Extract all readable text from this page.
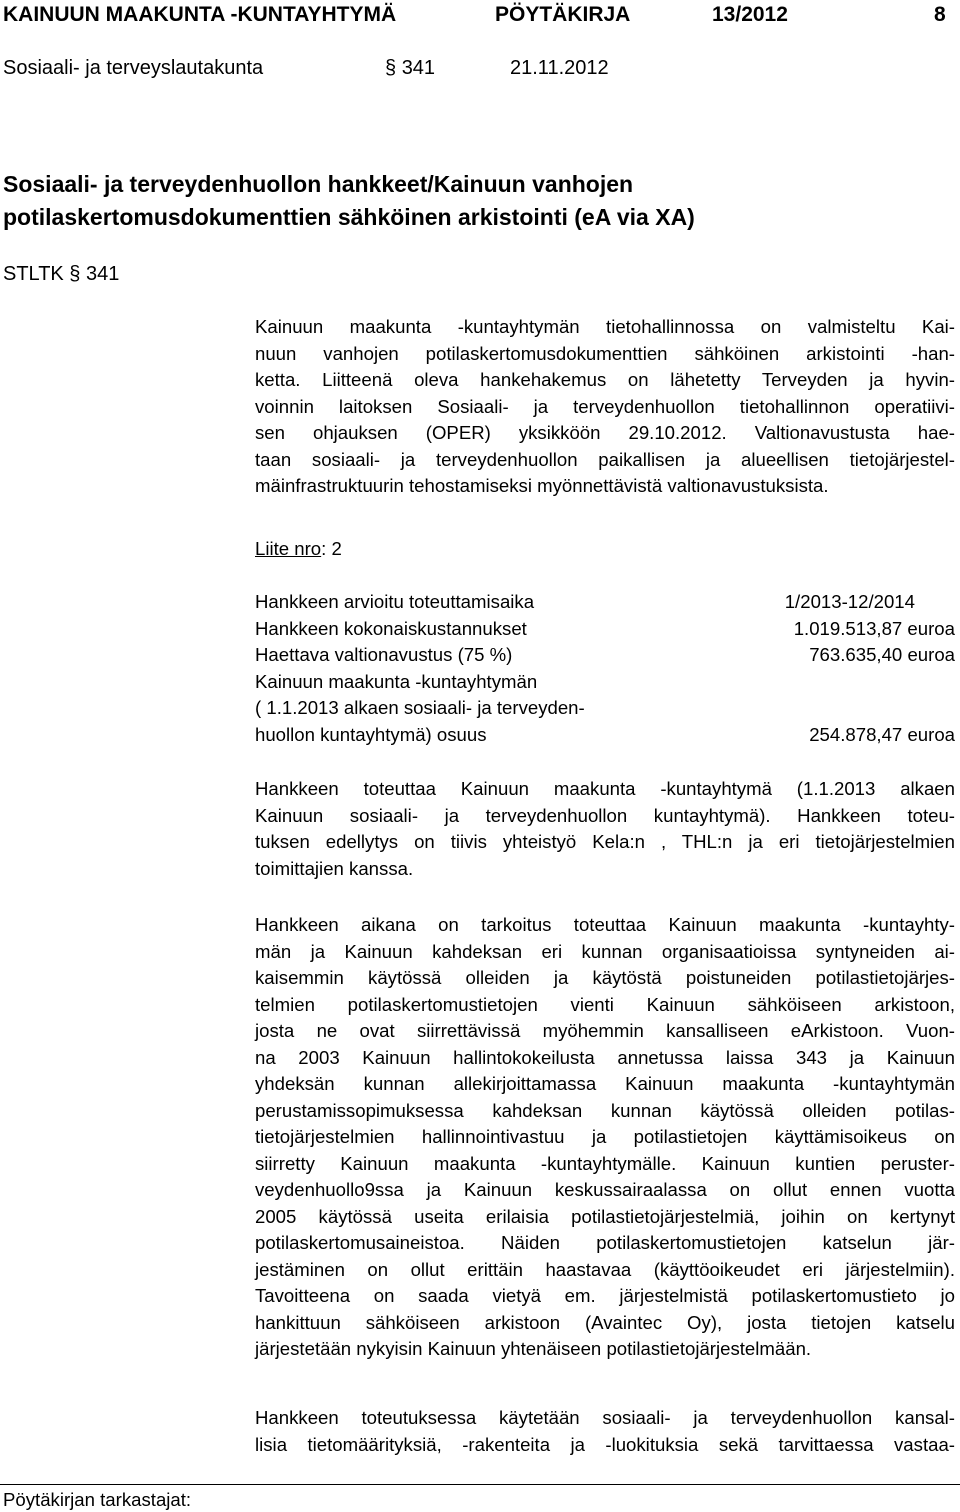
KAINUUN MAAKUNTA -KUNTAYHTYMÄ	PÖYTÄKIRJA	13/2012	8
Sosiaali- ja terveyslautakunta	§ 341	21.11.2012
Sosiaali- ja terveydenhuollon hankkeet/Kainuun vanhojen
potilaskertomusdokumenttien sähköinen arkistointi (eA via XA)
STLTK § 341
Kainuun maakunta -kuntayhtymän tietohallinnossa on valmisteltu Kai-
nuun vanhojen potilaskertomusdokumenttien sähköinen arkistointi -han-
ketta. Liitteenä oleva hankehakemus on lähetetty Terveyden ja hyvin-
voinnin laitoksen Sosiaali- ja terveydenhuollon tietohallinnon operatiivi-
sen ohjauksen (OPER) yksikköön 29.10.2012. Valtionavustusta hae-
taan sosiaali- ja terveydenhuollon paikallisen ja alueellisen tietojärjestel-
mäinfrastruktuurin tehostamiseksi myönnettävistä valtionavustuksista.
Liite nro: 2
Hankkeen arvioitu toteuttamisaika	1/2013-12/2014
Hankkeen kokonaiskustannukset	1.019.513,87 euroa
Haettava valtionavustus (75 %)	763.635,40 euroa
Kainuun maakunta -kuntayhtymän
( 1.1.2013 alkaen sosiaali- ja terveyden-
huollon kuntayhtymä) osuus	254.878,47 euroa
Hankkeen toteuttaa Kainuun maakunta -kuntayhtymä (1.1.2013 alkaen
Kainuun sosiaali- ja terveydenhuollon kuntayhtymä). Hankkeen toteu-
tuksen edellytys on tiivis yhteistyö Kela:n , THL:n ja eri tietojärjestelmien
toimittajien kanssa.
Hankkeen aikana on tarkoitus toteuttaa Kainuun maakunta -kuntayhty-
män ja Kainuun kahdeksan eri kunnan organisaatioissa syntyneiden ai-
kaisemmin käytössä olleiden ja käytöstä poistuneiden potilastietojärjes-
telmien potilaskertomustietojen vienti Kainuun sähköiseen arkistoon,
josta ne ovat siirrettävissä myöhemmin kansalliseen eArkistoon. Vuon-
na 2003 Kainuun hallintokokeilusta annetussa laissa 343 ja Kainuun
yhdeksän kunnan allekirjoittamassa Kainuun maakunta -kuntayhtymän
perustamissopimuksessa kahdeksan kunnan käytössä olleiden potilas-
tietojärjestelmien hallinnointivastuu ja potilastietojen käyttämisoikeus on
siirretty Kainuun maakunta -kuntayhtymälle. Kainuun kuntien peruster-
veydenhuollo9ssa ja Kainuun keskussairaalassa on ollut ennen vuotta
2005 käytössä useita erilaisia potilastietojärjestelmiä, joihin on kertynyt
potilaskertomusaineistoa. Näiden potilaskertomustietojen katselun jär-
jestäminen on ollut erittäin haastavaa (käyttöoikeudet eri järjestelmiin).
Tavoitteena on saada vietyä em. järjestelmistä potilaskertomustieto jo
hankittuun sähköiseen arkistoon (Avaintec Oy), josta tietojen katselu
järjestetään nykyisin Kainuun yhtenäiseen potilastietojärjestelmään.
Hankkeen toteutuksessa käytetään sosiaali- ja terveydenhuollon kansal-
lisia tietomäärityksiä, -rakenteita ja -luokituksia sekä tarvittaessa vastaa-
Pöytäkirjan tarkastajat:
